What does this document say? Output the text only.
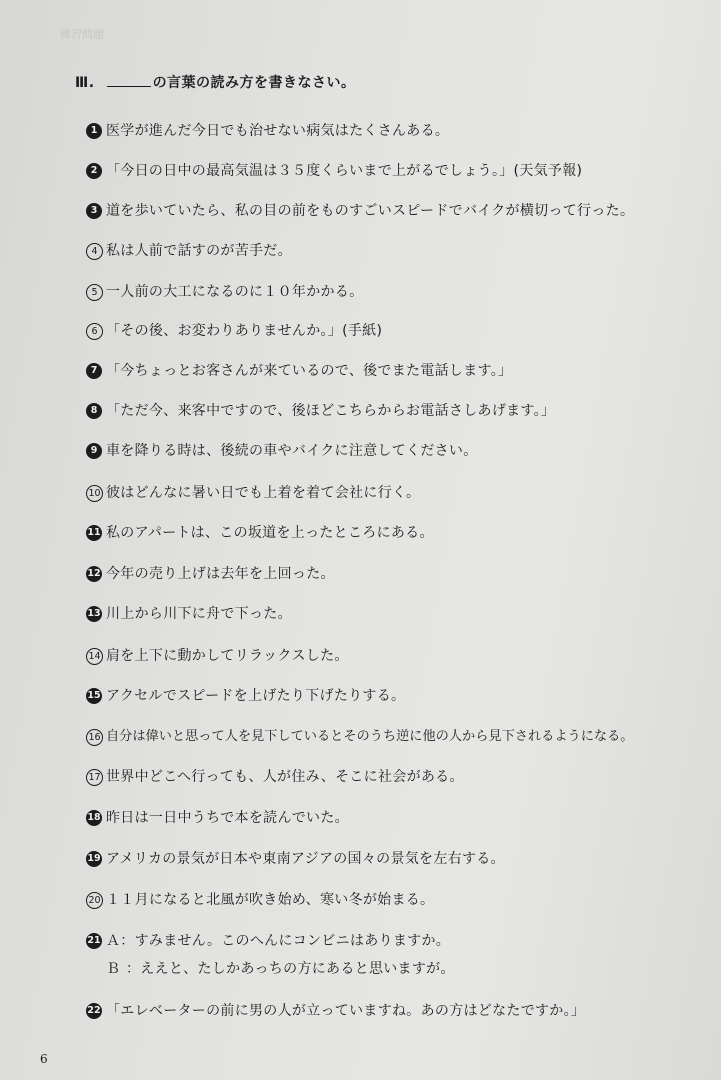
練習問題
Ⅲ.	の言葉の読み方を書きなさい。
1 医学が進んだ今日でも治せない病気はたくさんある。
2 「今日の日中の最高気温は３５度くらいまで上がるでしょう。」(天気予報)
3 道を歩いていたら、私の目の前をものすごいスピードでバイクが横切って行った。
4 私は人前で話すのが苦手だ。
5 一人前の大工になるのに１０年かかる。
6 「その後、お変わりありませんか。」(手紙)
7 「今ちょっとお客さんが来ているので、後でまた電話します。」
8 「ただ今、来客中ですので、後ほどこちらからお電話さしあげます。」
9 車を降りる時は、後続の車やバイクに注意してください。
10 彼はどんなに暑い日でも上着を着て会社に行く。
11 私のアパートは、この坂道を上ったところにある。
12 今年の売り上げは去年を上回った。
13 川上から川下に舟で下った。
14 肩を上下に動かしてリラックスした。
15 アクセルでスピードを上げたり下げたりする。
16 自分は偉いと思って人を見下しているとそのうち逆に他の人から見下されるようになる。
17 世界中どこへ行っても、人が住み、そこに社会がある。
18 昨日は一日中うちで本を読んでいた。
19 アメリカの景気が日本や東南アジアの国々の景気を左右する。
20 １１月になると北風が吹き始め、寒い冬が始まる。
21 Ａ：すみません。このへんにコンビニはありますか。
Ｂ ：ええと、たしかあっちの方にあると思いますが。
22 「エレベーターの前に男の人が立っていますね。あの方はどなたですか。」
6
